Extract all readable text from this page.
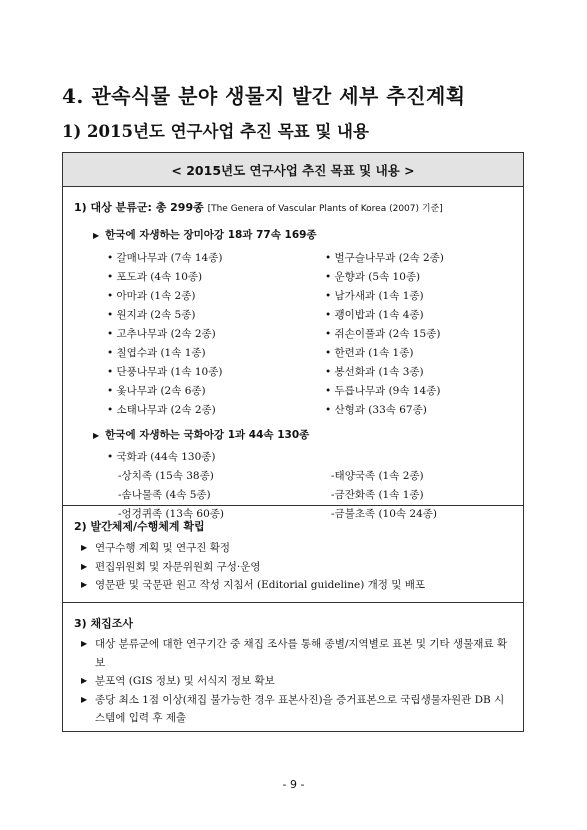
4. 관속식물 분야 생물지 발간 세부 추진계획
1) 2015년도 연구사업 추진 목표 및 내용
< 2015년도 연구사업 추진 목표 및 내용 >
1) 대상 분류군: 총 299종 [The Genera of Vascular Plants of Korea (2007) 기준]
▶ 한국에 자생하는 장미아강 18과 77속 169종
• 갈매나무과 (7속 14종)	• 벌구슬나무과 (2속 2종)
• 포도과 (4속 10종)	• 운향과 (5속 10종)
• 아마과 (1속 2종)	• 남가새과 (1속 1종)
• 원지과 (2속 5종)	• 괭이밥과 (1속 4종)
• 고추나무과 (2속 2종)	• 쥐손이풀과 (2속 15종)
• 칠엽수과 (1속 1종)	• 한련과 (1속 1종)
• 단풍나무과 (1속 10종)	• 봉선화과 (1속 3종)
• 옻나무과 (2속 6종)	• 두릅나무과 (9속 14종)
• 소태나무과 (2속 2종)	• 산형과 (33속 67종)
▶ 한국에 자생하는 국화아강 1과 44속 130종
• 국화과 (44속 130종)
-상치족 (15속 38종)	-태양국족 (1속 2종)
-솜나물족 (4속 5종)	-금잔화족 (1속 1종)
-엉겅퀴족 (13속 60종)	-금불초족 (10속 24종)
2) 발간체제/수행체계 확립
▶ 연구수행 계획 및 연구진 확정
▶ 편집위원회 및 자문위원회 구성·운영
▶ 영문판 및 국문판 원고 작성 지침서 (Editorial guideline) 개정 및 배포
3) 채집조사
▶ 대상 분류군에 대한 연구기간 중 채집 조사를 통해 종별/지역별로 표본 및 기타 생물재료 확보
▶ 분포역 (GIS 정보) 및 서식지 정보 확보
▶ 종당 최소 1점 이상(채집 불가능한 경우 표본사진)을 증거표본으로 국립생물자원관 DB 시스템에 입력 후 제출
- 9 -
